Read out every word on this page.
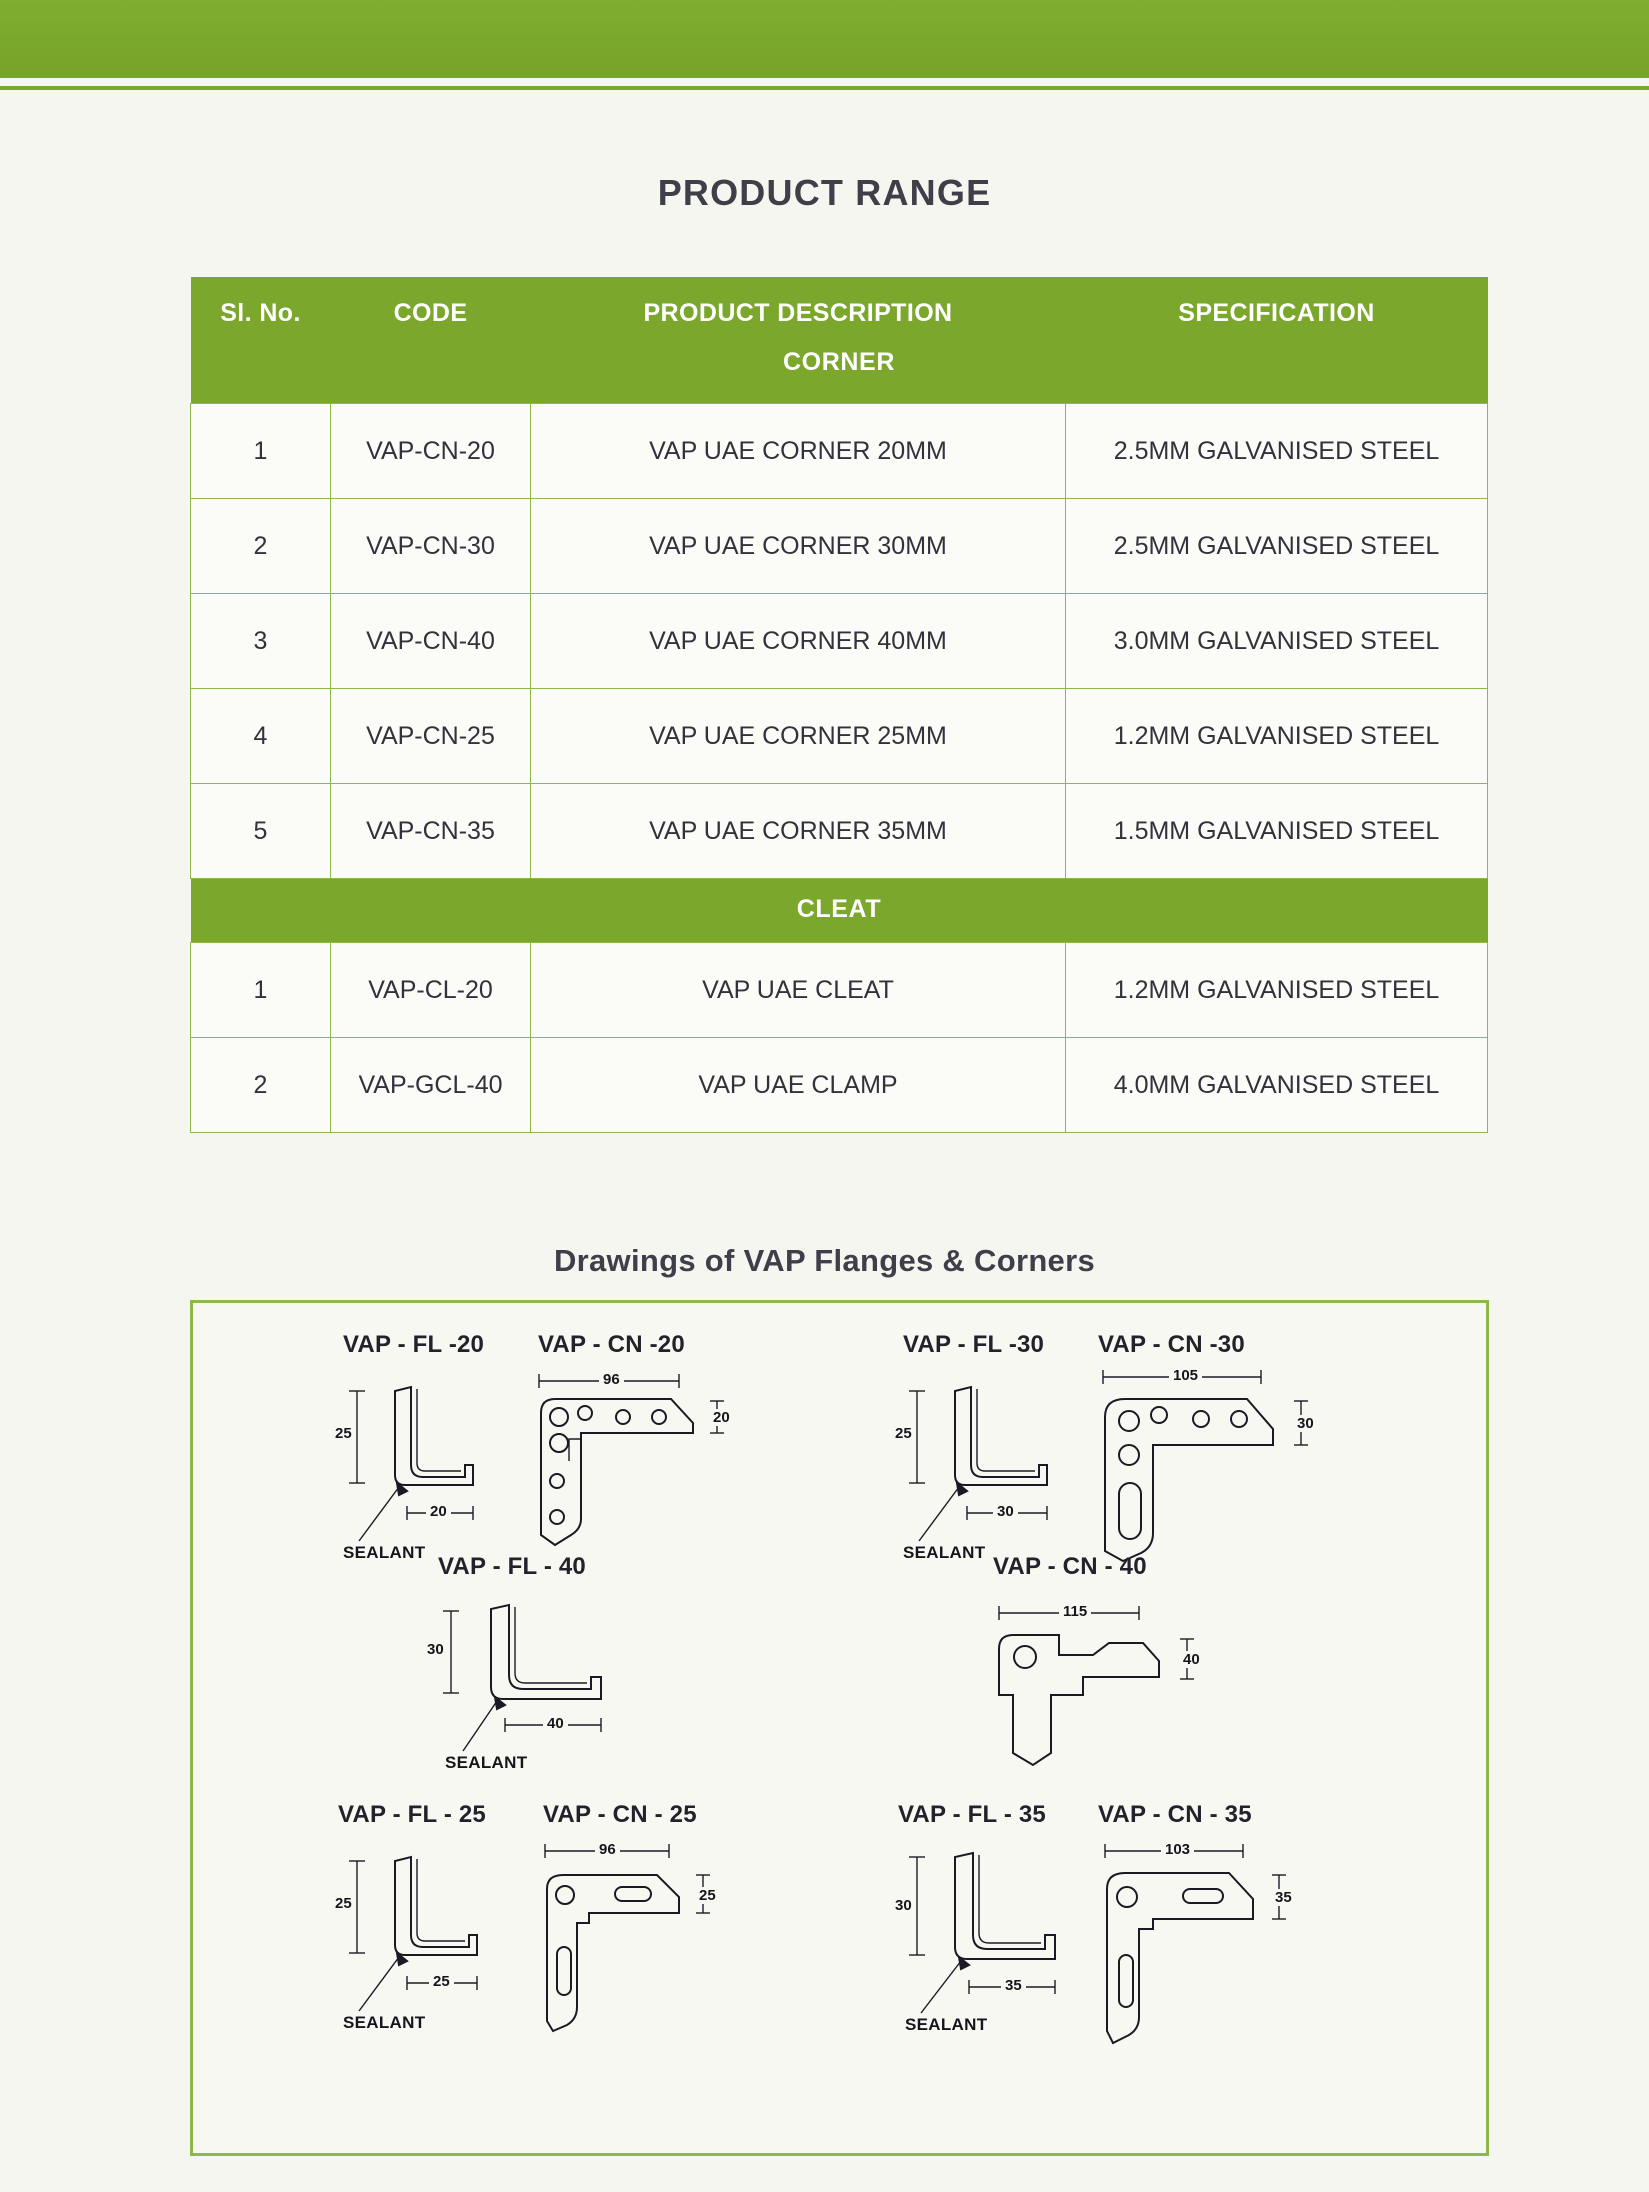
PRODUCT RANGE
Sl. No.	CODE	PRODUCT DESCRIPTION	SPECIFICATION
CORNER			
1	VAP-CN-20	VAP UAE CORNER 20MM	2.5MM GALVANISED STEEL
2	VAP-CN-30	VAP UAE CORNER 30MM	2.5MM GALVANISED STEEL
3	VAP-CN-40	VAP UAE CORNER 40MM	3.0MM GALVANISED STEEL
4	VAP-CN-25	VAP UAE CORNER 25MM	1.2MM GALVANISED STEEL
5	VAP-CN-35	VAP UAE CORNER 35MM	1.5MM GALVANISED STEEL
CLEAT			
1	VAP-CL-20	VAP UAE CLEAT	1.2MM GALVANISED STEEL
2	VAP-GCL-40	VAP UAE CLAMP	4.0MM GALVANISED STEEL
Drawings of VAP Flanges & Corners
VAP - FL -20 VAP - CN -20
25
20
SEALANT
96
20
VAP - FL -30 VAP - CN -30
25
30
SEALANT
105
30
VAP - FL - 40
30
40
SEALANT
VAP - CN - 40
115
40
VAP - FL - 25 VAP - CN - 25
25
25
SEALANT
96
25
VAP - FL - 35 VAP - CN - 35
30
35
SEALANT
103
35
